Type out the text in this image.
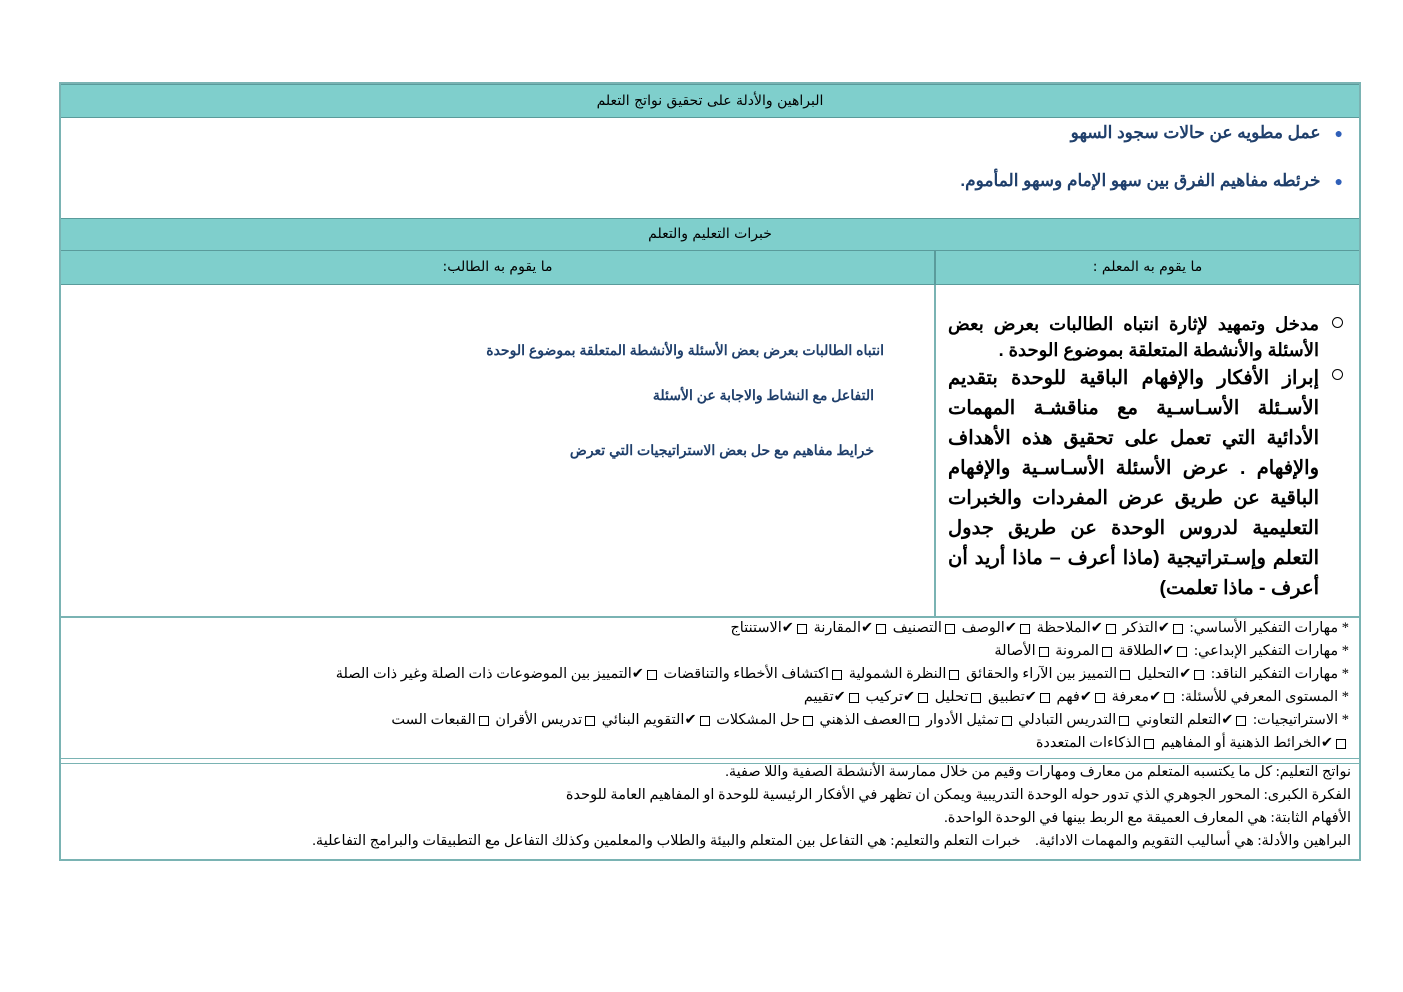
البراهين والأدلة على تحقيق نواتج التعلم
●عمل مطويه عن حالات سجود السهو
●خرئطه مفاهيم الفرق بين سهو الإمام وسهو المأموم.
خبرات التعليم والتعلم
ما يقوم به المعلم :
ما يقوم به الطالب:
انتباه الطالبات بعرض بعض الأسئلة والأنشطة المتعلقة بموضوع الوحدة
التفاعل مع النشاط والاجابة عن الأسئلة
خرايط مفاهيم مع حل بعض الاستراتيجيات التي تعرض
مدخل وتمهيد لإثارة انتباه الطالبات بعرض بعض الأسئلة والأنشطة المتعلقة بموضوع الوحدة .
إبراز الأفكار والإفهام الباقية للوحدة بتقديم الأسـئلة الأسـاسـية مع مناقشـة المهمات الأدائية التي تعمل على تحقيق هذه الأهداف والإفهام . عرض الأسئلة الأسـاسـية والإفهام الباقية عن طريق عرض المفردات والخبرات التعليمية لدروس الوحدة عن طريق جدول التعلم وإسـتراتيجية (ماذا أعرف – ماذا أريد أن أعرف - ماذا تعلمت)
* مهارات التفكير الأساسي: ✔التذكر ✔الملاحظة ✔الوصف التصنيف ✔المقارنة ✔الاستنتاج
* مهارات التفكير الإبداعي: ✔الطلاقة المرونة الأصالة
* مهارات التفكير الناقد: ✔التحليل التمييز بين الآراء والحقائق النظرة الشمولية اكتشاف الأخطاء والتناقضات ✔التمييز بين الموضوعات ذات الصلة وغير ذات الصلة
* المستوى المعرفي للأسئلة: ✔معرفة ✔فهم ✔تطبيق تحليل ✔تركيب ✔تقييم
* الاستراتيجيات: ✔التعلم التعاوني التدريس التبادلي تمثيل الأدوار العصف الذهني حل المشكلات ✔التقويم البنائي تدريس الأقران القبعات الست
✔الخرائط الذهنية أو المفاهيم الذكاءات المتعددة
نواتج التعليم: كل ما يكتسبه المتعلم من معارف ومهارات وقيم من خلال ممارسة الأنشطة الصفية واللا صفية.
الفكرة الكبرى: المحور الجوهري الذي تدور حوله الوحدة التدريبية ويمكن ان تظهر في الأفكار الرئيسية للوحدة او المفاهيم العامة للوحدة
الأفهام الثابتة: هي المعارف العميقة مع الربط بينها في الوحدة الواحدة.
البراهين والأدلة: هي أساليب التقويم والمهمات الادائية.    خبرات التعلم والتعليم: هي التفاعل بين المتعلم والبيئة والطلاب والمعلمين وكذلك التفاعل مع التطبيقات والبرامج التفاعلية.
